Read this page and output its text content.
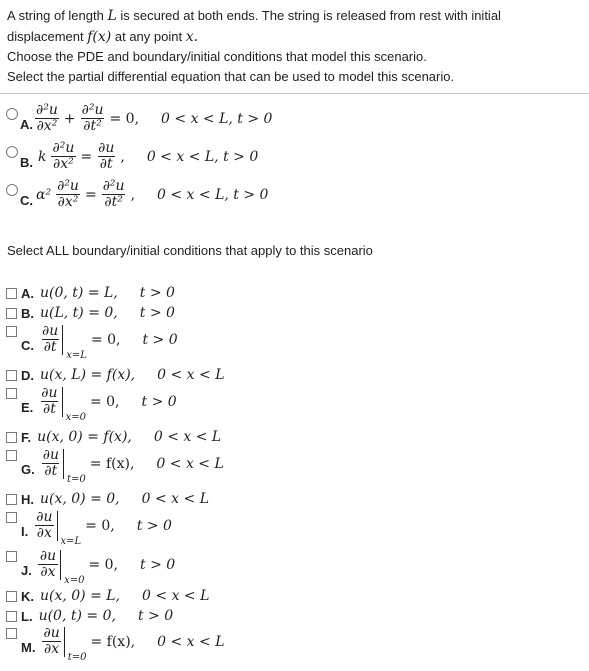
A string of length L is secured at both ends. The string is released from rest with initial

displacement f(x) at any point x.

Choose the PDE and boundary/initial conditions that model this scenario.

Select the partial differential equation that can be used to model this scenario.

A. $\frac{\text{∂²u}}{\text{∂x²}} + \frac{\text{∂²u}}{\text{∂t²}} = 0$, 0 < x < L, t > 0
B. k $\frac{\text{∂²u}}{\text{∂x²}} = \frac{\partial u}{\partial t}$ , 0 < x < L, t > 0
C. $\alpha^2 \frac{\text{∂²u}}{\text{∂x²}} = \frac{\text{∂²u}}{\text{∂t²}}$ , 0 < x < L, t > 0
Select ALL boundary/initial conditions that apply to this scenario
A. u(0, t) = L, t > 0
B. u(L, t) = 0, t > 0
C. $\frac{\partial u}{\partial t}$
x=L
= 0, t > 0
D. u(x, L) = f(x), 0 < x < L
E. $\frac{\partial u}{\partial t}$
x=0
= 0, t > 0
F. u(x, 0) = f(x), 0 < x < L
G. $\frac{\partial u}{\partial t}$
t=0
= f(x), 0 < x < L
H. u(x, 0) = 0, 0 < x < L
I. $\frac{\partial u}{\partial x}$
x=L
= 0, t > 0
J. $\frac{\partial u}{\partial x}$
x=0
= 0, t > 0
K. u(x, 0) = L, 0 < x < L
L. u(0, t) = 0, t > 0
M. $\frac{\partial u}{\partial x}$
t=0
= f(x), 0 < x < L
